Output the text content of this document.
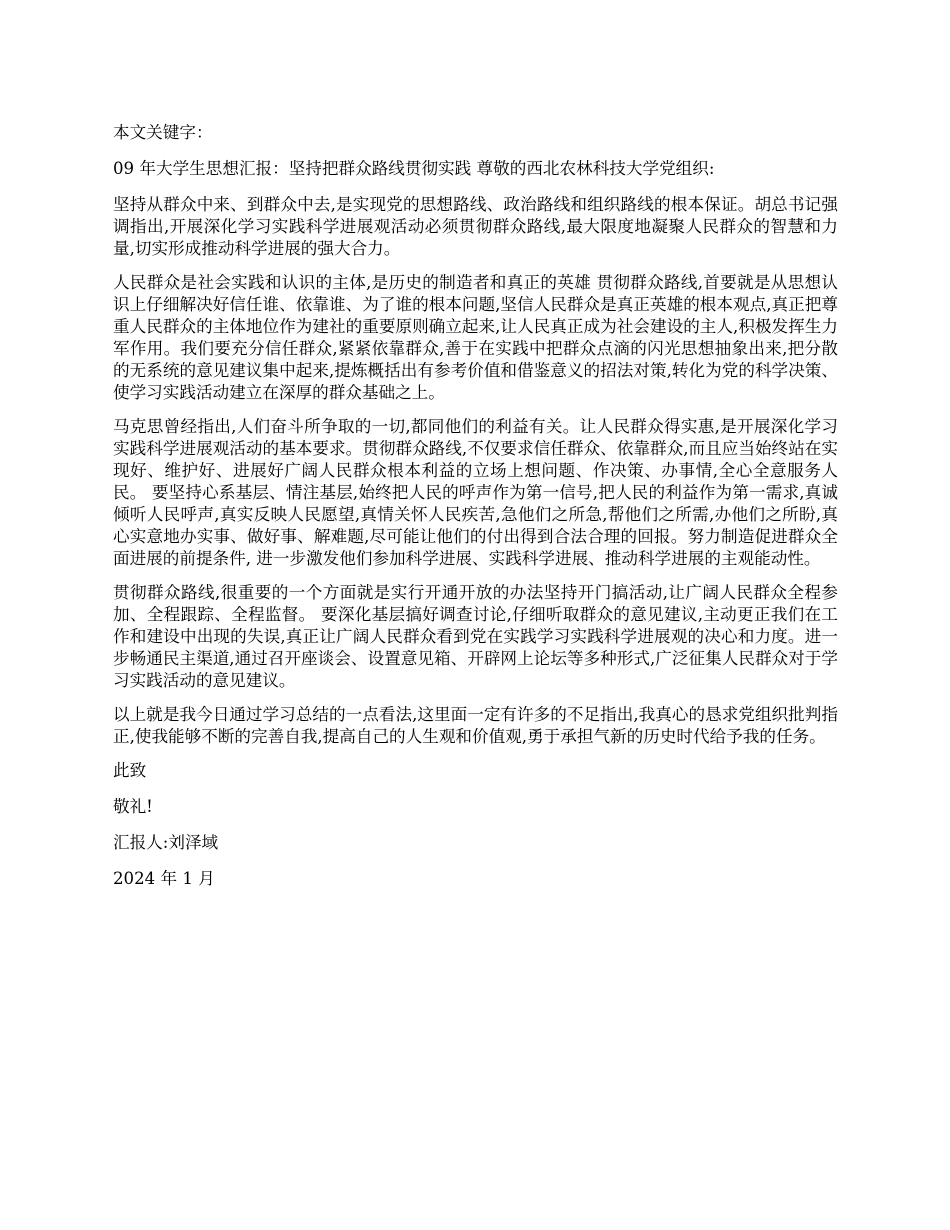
本文关键字：

09 年大学生思想汇报：坚持把群众路线贯彻实践 尊敬的西北农林科技大学党组织:

坚持从群众中来、到群众中去,是实现党的思想路线、政治路线和组织路线的根本保证。胡总书记强调指出,开展深化学习实践科学进展观活动必须贯彻群众路线,最大限度地凝聚人民群众的智慧和力量,切实形成推动科学进展的强大合力。

人民群众是社会实践和认识的主体,是历史的制造者和真正的英雄 贯彻群众路线,首要就是从思想认识上仔细解决好信任谁、依靠谁、为了谁的根本问题,坚信人民群众是真正英雄的根本观点,真正把尊重人民群众的主体地位作为建社的重要原则确立起来,让人民真正成为社会建设的主人,积极发挥生力军作用。我们要充分信任群众,紧紧依靠群众,善于在实践中把群众点滴的闪光思想抽象出来,把分散的无系统的意见建议集中起来,提炼概括出有参考价值和借鉴意义的招法对策,转化为党的科学决策、 使学习实践活动建立在深厚的群众基础之上。

马克思曾经指出,人们奋斗所争取的一切,都同他们的利益有关。让人民群众得实惠,是开展深化学习实践科学进展观活动的基本要求。贯彻群众路线,不仅要求信任群众、依靠群众,而且应当始终站在实现好、维护好、进展好广阔人民群众根本利益的立场上想问题、作决策、办事情,全心全意服务人民。 要坚持心系基层、情注基层,始终把人民的呼声作为第一信号,把人民的利益作为第一需求,真诚倾听人民呼声,真实反映人民愿望,真情关怀人民疾苦,急他们之所急,帮他们之所需,办他们之所盼,真心实意地办实事、做好事、解难题,尽可能让他们的付出得到合法合理的回报。努力制造促进群众全面进展的前提条件, 进一步激发他们参加科学进展、实践科学进展、推动科学进展的主观能动性。

贯彻群众路线,很重要的一个方面就是实行开通开放的办法坚持开门搞活动,让广阔人民群众全程参加、全程跟踪、全程监督。 要深化基层搞好调查讨论,仔细听取群众的意见建议,主动更正我们在工作和建设中出现的失误,真正让广阔人民群众看到党在实践学习实践科学进展观的决心和力度。进一步畅通民主渠道,通过召开座谈会、设置意见箱、开辟网上论坛等多种形式,广泛征集人民群众对于学习实践活动的意见建议。

以上就是我今日通过学习总结的一点看法,这里面一定有许多的不足指出,我真心的恳求党组织批判指正,使我能够不断的完善自我,提高自己的人生观和价值观,勇于承担气新的历史时代给予我的任务。

此致

敬礼!

汇报人:刘泽域

2024 年 1 月
